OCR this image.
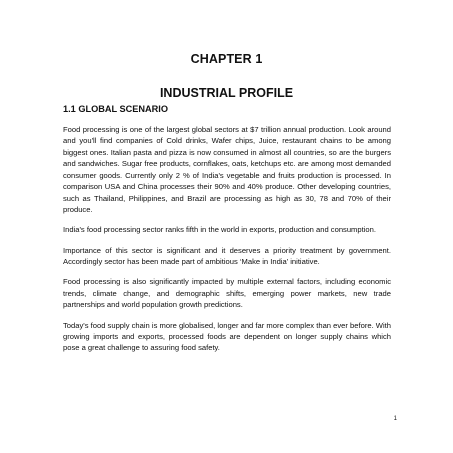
CHAPTER 1
INDUSTRIAL PROFILE
1.1 GLOBAL SCENARIO

Food processing is one of the largest global sectors at $7 trillion annual production. Look around and you'll find companies of Cold drinks, Wafer chips, Juice, restaurant chains to be among biggest ones. Italian pasta and pizza is now consumed in almost all countries, so are the burgers and sandwiches. Sugar free products, cornflakes, oats, ketchups etc. are among most demanded consumer goods. Currently only 2 % of India's vegetable and fruits production is processed. In comparison USA and China processes their 90% and 40% produce. Other developing countries, such as Thailand, Philippines, and Brazil are processing as high as 30, 78 and 70% of their produce.

India's food processing sector ranks fifth in the world in exports, production and consumption.

Importance of this sector is significant and it deserves a priority treatment by government. Accordingly sector has been made part of ambitious ‘Make in India’ initiative.

Food processing is also significantly impacted by multiple external factors, including economic trends, climate change, and demographic shifts, emerging power markets, new trade partnerships and world population growth predictions.

Today's food supply chain is more globalised, longer and far more complex than ever before. With growing imports and exports, processed foods are dependent on longer supply chains which pose a great challenge to assuring food safety.

1
